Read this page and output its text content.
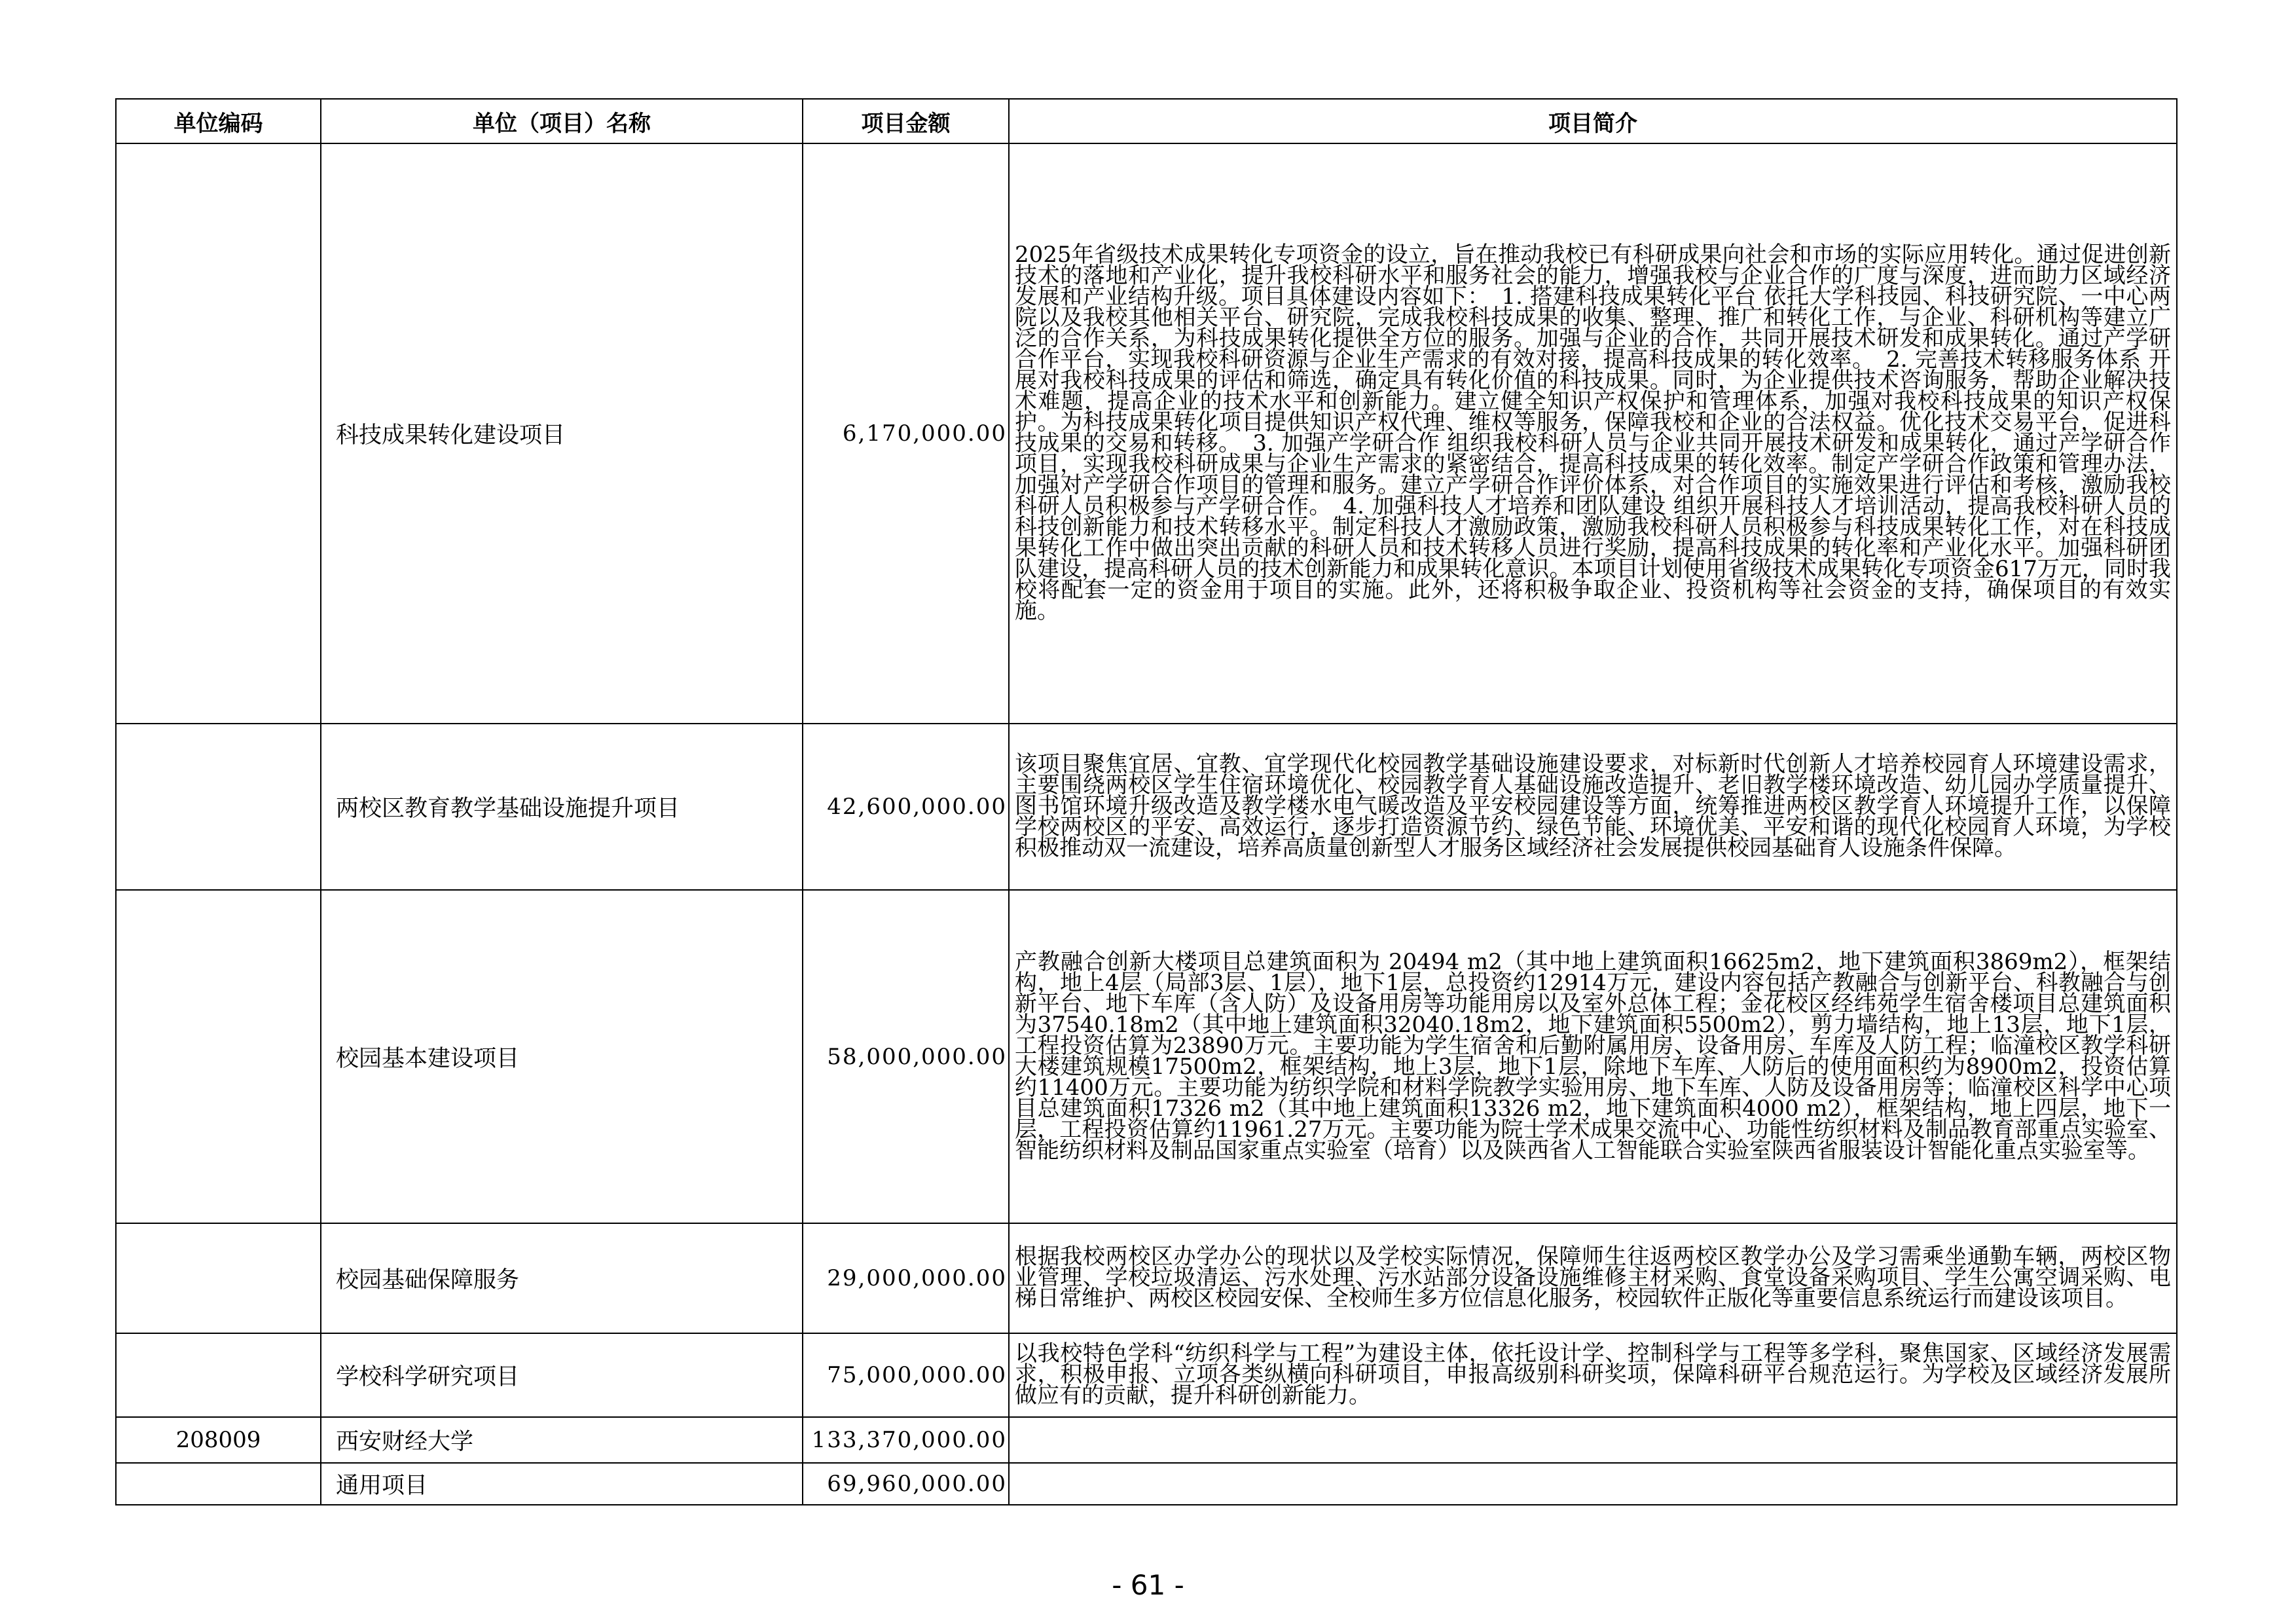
单位编码	单位（项目）名称	项目金额	项目简介
	科技成果转化建设项目	6,170,000.00	2025年省级技术成果转化专项资金的设立，旨在推动我校已有科研成果向社会和市场的实际应用转化。通过促进创新技术的落地和产业化，提升我校科研水平和服务社会的能力，增强我校与企业合作的广度与深度，进而助力区域经济发展和产业结构升级。项目具体建设内容如下：　1. 搭建科技成果转化平台 依托大学科技园、科技研究院、一中心两院以及我校其他相关平台、研究院，完成我校科技成果的收集、整理、推广和转化工作，与企业、科研机构等建立广泛的合作关系，为科技成果转化提供全方位的服务。加强与企业的合作，共同开展技术研发和成果转化。通过产学研合作平台，实现我校科研资源与企业生产需求的有效对接，提高科技成果的转化效率。　2. 完善技术转移服务体系 开展对我校科技成果的评估和筛选，确定具有转化价值的科技成果。同时，为企业提供技术咨询服务，帮助企业解决技术难题，提高企业的技术水平和创新能力。建立健全知识产权保护和管理体系，加强对我校科技成果的知识产权保护。为科技成果转化项目提供知识产权代理、维权等服务，保障我校和企业的合法权益。优化技术交易平台，促进科技成果的交易和转移。　3. 加强产学研合作 组织我校科研人员与企业共同开展技术研发和成果转化，通过产学研合作项目，实现我校科研成果与企业生产需求的紧密结合，提高科技成果的转化效率。制定产学研合作政策和管理办法，加强对产学研合作项目的管理和服务。建立产学研合作评价体系，对合作项目的实施效果进行评估和考核，激励我校科研人员积极参与产学研合作。　4. 加强科技人才培养和团队建设 组织开展科技人才培训活动，提高我校科研人员的科技创新能力和技术转移水平。制定科技人才激励政策，激励我校科研人员积极参与科技成果转化工作，对在科技成果转化工作中做出突出贡献的科研人员和技术转移人员进行奖励，提高科技成果的转化率和产业化水平。加强科研团队建设，提高科研人员的技术创新能力和成果转化意识。本项目计划使用省级技术成果转化专项资金617万元，同时我校将配套一定的资金用于项目的实施。此外，还将积极争取企业、投资机构等社会资金的支持，确保项目的有效实施。
	两校区教育教学基础设施提升项目	42,600,000.00	该项目聚焦宜居、宜教、宜学现代化校园教学基础设施建设要求，对标新时代创新人才培养校园育人环境建设需求，主要围绕两校区学生住宿环境优化、校园教学育人基础设施改造提升、老旧教学楼环境改造、幼儿园办学质量提升、图书馆环境升级改造及教学楼水电气暖改造及平安校园建设等方面，统筹推进两校区教学育人环境提升工作，以保障学校两校区的平安、高效运行，逐步打造资源节约、绿色节能、环境优美、平安和谐的现代化校园育人环境，为学校积极推动双一流建设，培养高质量创新型人才服务区域经济社会发展提供校园基础育人设施条件保障。
	校园基本建设项目	58,000,000.00	产教融合创新大楼项目总建筑面积为 20494 m2（其中地上建筑面积16625m2，地下建筑面积3869m2），框架结构，地上4层（局部3层、1层），地下1层，总投资约12914万元，建设内容包括产教融合与创新平台、科教融合与创新平台、地下车库（含人防）及设备用房等功能用房以及室外总体工程；金花校区经纬苑学生宿舍楼项目总建筑面积为37540.18m2（其中地上建筑面积32040.18m2，地下建筑面积5500m2），剪力墙结构，地上13层，地下1层，工程投资估算为23890万元。主要功能为学生宿舍和后勤附属用房、设备用房、车库及人防工程；临潼校区教学科研大楼建筑规模17500m2，框架结构，地上3层，地下1层，除地下车库、人防后的使用面积约为8900m2，投资估算约11400万元。主要功能为纺织学院和材料学院教学实验用房、地下车库、人防及设备用房等；临潼校区科学中心项目总建筑面积17326 m2（其中地上建筑面积13326 m2，地下建筑面积4000 m2），框架结构，地上四层，地下一层，工程投资估算约11961.27万元。主要功能为院士学术成果交流中心、功能性纺织材料及制品教育部重点实验室、智能纺织材料及制品国家重点实验室（培育）以及陕西省人工智能联合实验室陕西省服装设计智能化重点实验室等。
	校园基础保障服务	29,000,000.00	根据我校两校区办学办公的现状以及学校实际情况，保障师生往返两校区教学办公及学习需乘坐通勤车辆，两校区物业管理、学校垃圾清运、污水处理、污水站部分设备设施维修主材采购、食堂设备采购项目、学生公寓空调采购、电梯日常维护、两校区校园安保、全校师生多方位信息化服务，校园软件正版化等重要信息系统运行而建设该项目。
	学校科学研究项目	75,000,000.00	以我校特色学科“纺织科学与工程”为建设主体，依托设计学、控制科学与工程等多学科，聚焦国家、区域经济发展需求，积极申报、立项各类纵横向科研项目，申报高级别科研奖项，保障科研平台规范运行。为学校及区域经济发展所做应有的贡献，提升科研创新能力。
208009	西安财经大学	133,370,000.00	
	通用项目	69,960,000.00	
- 61 -
